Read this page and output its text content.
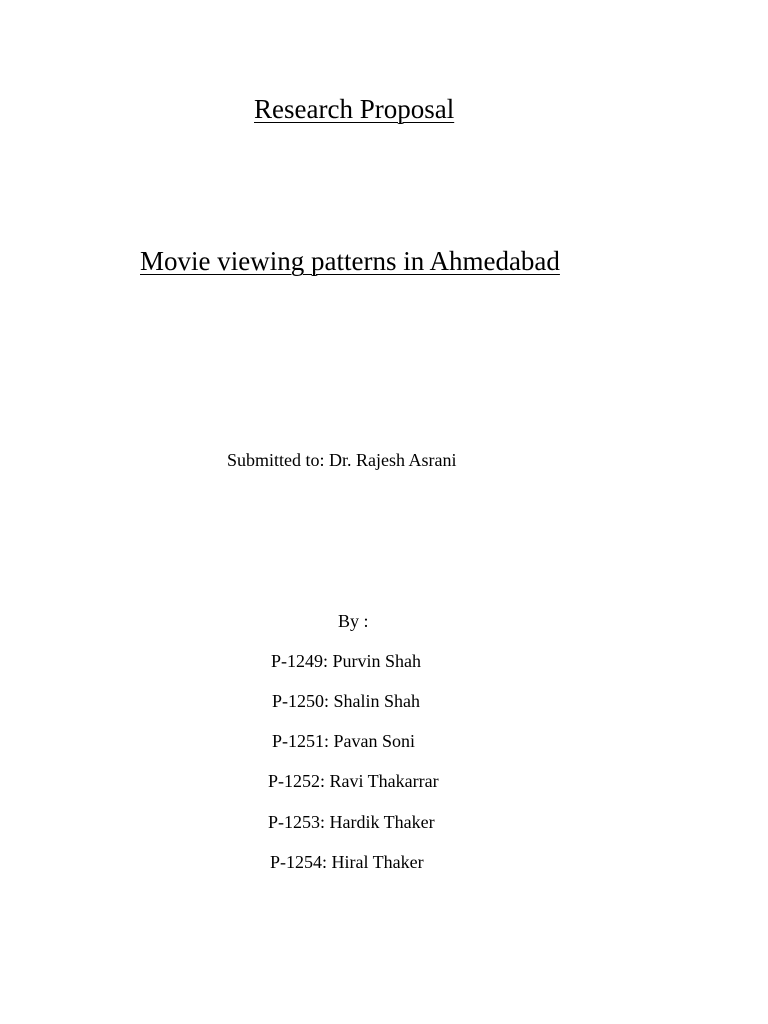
Research Proposal
Movie viewing patterns in Ahmedabad
Submitted to: Dr. Rajesh Asrani
By :
P-1249: Purvin Shah
P-1250: Shalin Shah
P-1251: Pavan Soni
P-1252: Ravi Thakarrar
P-1253: Hardik Thaker
P-1254: Hiral Thaker
